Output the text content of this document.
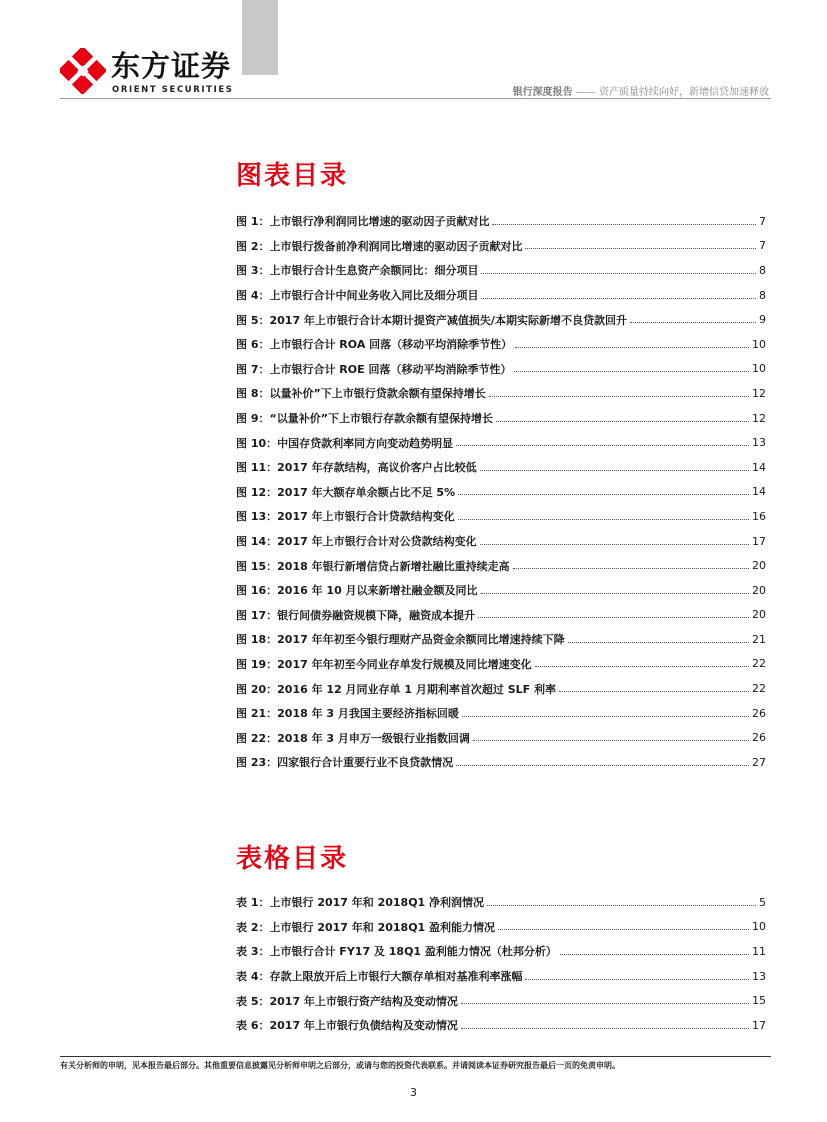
东方证券
ORIENT SECURITIES	银行深度报告 —— 资产质量持续向好，新增信贷加速释放
图表目录
图 1：上市银行净利润同比增速的驱动因子贡献对比	7
图 2：上市银行拨备前净利润同比增速的驱动因子贡献对比	7
图 3：上市银行合计生息资产余额同比：细分项目	8
图 4：上市银行合计中间业务收入同比及细分项目	8
图 5：2017 年上市银行合计本期计提资产减值损失/本期实际新增不良贷款回升	9
图 6：上市银行合计 ROA 回落（移动平均消除季节性）	10
图 7：上市银行合计 ROE 回落（移动平均消除季节性）	10
图 8：以量补价”下上市银行贷款余额有望保持增长	12
图 9：“以量补价”下上市银行存款余额有望保持增长	12
图 10：中国存贷款利率同方向变动趋势明显	13
图 11：2017 年存款结构，高议价客户占比较低	14
图 12：2017 年大额存单余额占比不足 5%	14
图 13：2017 年上市银行合计贷款结构变化	16
图 14：2017 年上市银行合计对公贷款结构变化	17
图 15：2018 年银行新增信贷占新增社融比重持续走高	20
图 16：2016 年 10 月以来新增社融金额及同比	20
图 17：银行间债券融资规模下降，融资成本提升	20
图 18：2017 年年初至今银行理财产品资金余额同比增速持续下降	21
图 19：2017 年年初至今同业存单发行规模及同比增速变化	22
图 20：2016 年 12 月同业存单 1 月期利率首次超过 SLF 利率	22
图 21：2018 年 3 月我国主要经济指标回暖	26
图 22：2018 年 3 月申万一级银行业指数回调	26
图 23：四家银行合计重要行业不良贷款情况	27
表格目录
表 1：上市银行 2017 年和 2018Q1 净利润情况	5
表 2：上市银行 2017 年和 2018Q1 盈利能力情况	10
表 3：上市银行合计 FY17 及 18Q1 盈利能力情况（杜邦分析）	11
表 4：存款上限放开后上市银行大额存单相对基准利率涨幅	13
表 5：2017 年上市银行资产结构及变动情况	15
表 6：2017 年上市银行负债结构及变动情况	17
有关分析师的申明，见本报告最后部分。其他重要信息披露见分析师申明之后部分，或请与您的投资代表联系。并请阅读本证券研究报告最后一页的免责申明。
3
